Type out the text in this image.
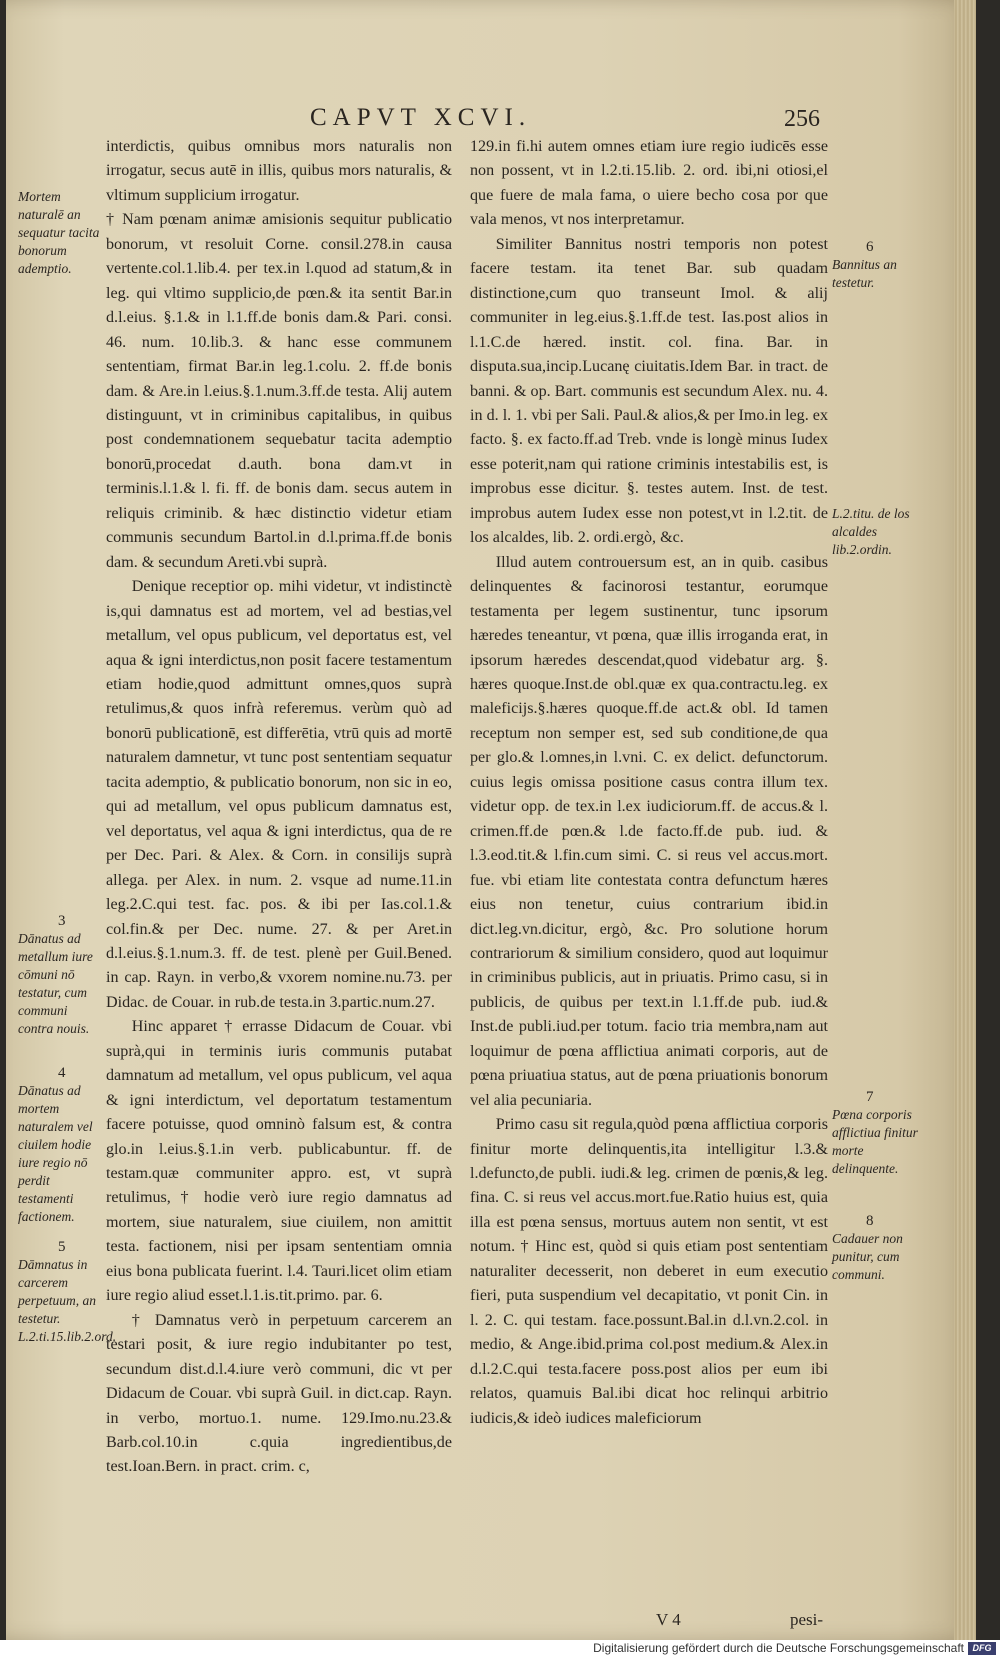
CAPVT XCVI.	256

interdictis, quibus omnibus mors naturalis non irrogatur, secus autē in illis, quibus mors naturalis, & vltimum supplicium irrogatur.

† Nam pœnam animæ amisionis sequitur publicatio bonorum, vt resoluit Corne. consil.278.in causa vertente.col.1.lib.4. per tex.in l.quod ad statum,& in leg. qui vltimo supplicio,de pœn.& ita sentit Bar.in d.l.eius. §.1.& in l.1.ff.de bonis dam.& Pari. consi. 46. num. 10.lib.3. & hanc esse communem sententiam, firmat Bar.in leg.1.colu. 2. ff.de bonis dam. & Are.in l.eius.§.1.num.3.ff.de testa. Alij autem distinguunt, vt in criminibus capitalibus, in quibus post condemnationem sequebatur tacita ademptio bonorū,procedat d.auth. bona dam.vt in terminis.l.1.& l. fi. ff. de bonis dam. secus autem in reliquis criminib. & hæc distinctio videtur etiam communis secundum Bartol.in d.l.prima.ff.de bonis dam. & secundum Areti.vbi suprà.

Denique receptior op. mihi videtur, vt indistinctè is,qui damnatus est ad mortem, vel ad bestias,vel metallum, vel opus publicum, vel deportatus est, vel aqua & igni interdictus,non posit facere testamentum etiam hodie,quod admittunt omnes,quos suprà retulimus,& quos infrà referemus. verùm quò ad bonorū publicationē, est differētia, vtrū quis ad mortē naturalem damnetur, vt tunc post sententiam sequatur tacita ademptio, & publicatio bonorum, non sic in eo, qui ad metallum, vel opus publicum damnatus est, vel deportatus, vel aqua & igni interdictus, qua de re per Dec. Pari. & Alex. & Corn. in consilijs suprà allega. per Alex. in num. 2. vsque ad nume.11.in leg.2.C.qui test. fac. pos. & ibi per Ias.col.1.& col.fin.& per Dec. nume. 27. & per Aret.in d.l.eius.§.1.num.3. ff. de test. plenè per Guil.Bened. in cap. Rayn. in verbo,& vxorem nomine.nu.73. per Didac. de Couar. in rub.de testa.in 3.partic.num.27.

Hinc apparet † errasse Didacum de Couar. vbi suprà,qui in terminis iuris communis putabat damnatum ad metallum, vel opus publicum, vel aqua & igni interdictum, vel deportatum testamentum facere potuisse, quod omninò falsum est, & contra glo.in l.eius.§.1.in verb. publicabuntur. ff. de testam.quæ communiter appro. est, vt suprà retulimus, † hodie verò iure regio damnatus ad mortem, siue naturalem, siue ciuilem, non amittit testa. factionem, nisi per ipsam sententiam omnia eius bona publicata fuerint. l.4. Tauri.licet olim etiam iure regio aliud esset.l.1.is.tit.primo. par. 6.

† Damnatus verò in perpetuum carcerem an testari posit, & iure regio indubitanter po test, secundum dist.d.l.4.iure verò communi, dic vt per Didacum de Couar. vbi suprà Guil. in dict.cap. Rayn. in verbo, mortuo.1. nume. 129.Imo.nu.23.& Barb.col.10.in c.quia ingredientibus,de test.Ioan.Bern. in pract. crim. c,

129.in fi.hi autem omnes etiam iure regio iudicēs esse non possent, vt in l.2.ti.15.lib. 2. ord. ibi,ni otiosi,el que fuere de mala fama, o uiere becho cosa por que vala menos, vt nos interpretamur.

Similiter Bannitus nostri temporis non potest facere testam. ita tenet Bar. sub quadam distinctione,cum quo transeunt Imol. & alij communiter in leg.eius.§.1.ff.de test. Ias.post alios in l.1.C.de hæred. instit. col. fina. Bar. in disputa.sua,incip.Lucanę ciuitatis.Idem Bar. in tract. de banni. & op. Bart. communis est secundum Alex. nu. 4. in d. l. 1. vbi per Sali. Paul.& alios,& per Imo.in leg. ex facto. §. ex facto.ff.ad Treb. vnde is longè minus Iudex esse poterit,nam qui ratione criminis intestabilis est, is improbus esse dicitur. §. testes autem. Inst. de test. improbus autem Iudex esse non potest,vt in l.2.tit. de los alcaldes, lib. 2. ordi.ergò, &c.

Illud autem controuersum est, an in quib. casibus delinquentes & facinorosi testantur, eorumque testamenta per legem sustinentur, tunc ipsorum hæredes teneantur, vt pœna, quæ illis irroganda erat, in ipsorum hæredes descendat,quod videbatur arg. §. hæres quoque.Inst.de obl.quæ ex qua.contractu.leg. ex maleficijs.§.hæres quoque.ff.de act.& obl. Id tamen receptum non semper est, sed sub conditione,de qua per glo.& l.omnes,in l.vni. C. ex delict. defunctorum. cuius legis omissa positione casus contra illum tex. videtur opp. de tex.in l.ex iudiciorum.ff. de accus.& l. crimen.ff.de pœn.& l.de facto.ff.de pub. iud. & l.3.eod.tit.& l.fin.cum simi. C. si reus vel accus.mort. fue. vbi etiam lite contestata contra defunctum hæres eius non tenetur, cuius contrarium ibid.in dict.leg.vn.dicitur, ergò, &c. Pro solutione horum contrariorum & similium considero, quod aut loquimur in criminibus publicis, aut in priuatis. Primo casu, si in publicis, de quibus per text.in l.1.ff.de pub. iud.& Inst.de publi.iud.per totum. facio tria membra,nam aut loquimur de pœna afflictiua animati corporis, aut de pœna priuatiua status, aut de pœna priuationis bonorum vel alia pecuniaria.

Primo casu sit regula,quòd pœna afflictiua corporis finitur morte delinquentis,ita intelligitur l.3.& l.defuncto,de publi. iudi.& leg. crimen de pœnis,& leg. fina. C. si reus vel accus.mort.fue.Ratio huius est, quia illa est pœna sensus, mortuus autem non sentit, vt est notum. † Hinc est, quòd si quis etiam post sententiam naturaliter decesserit, non deberet in eum executio fieri, puta suspendium vel decapitatio, vt ponit Cin. in l. 2. C. qui testam. face.possunt.Bal.in d.l.vn.2.col. in medio, & Ange.ibid.prima col.post medium.& Alex.in d.l.2.C.qui testa.facere poss.post alios per eum ibi relatos, quamuis Bal.ibi dicat hoc relinqui arbitrio iudicis,& ideò iudices maleficiorum

Mortem naturalē an sequatur tacita bonorum ademptio.
3
Dānatus ad metallum iure cōmuni nō testatur, cum communi contra nouis.
4
Dānatus ad mortem naturalem vel ciuilem hodie iure regio nō perdit testamenti factionem.
5
Dāmnatus in carcerem perpetuum, an testetur. L.2.ti.15.lib.2.ord.
6
Bannitus an testetur.
L.2.titu. de los alcaldes lib.2.ordin.
7
Pœna corporis afflictiua finitur morte delinquente.
8
Cadauer non punitur, cum communi.
V 4	pesi-
Digitalisierung gefördert durch die Deutsche Forschungsgemeinschaft DFG
